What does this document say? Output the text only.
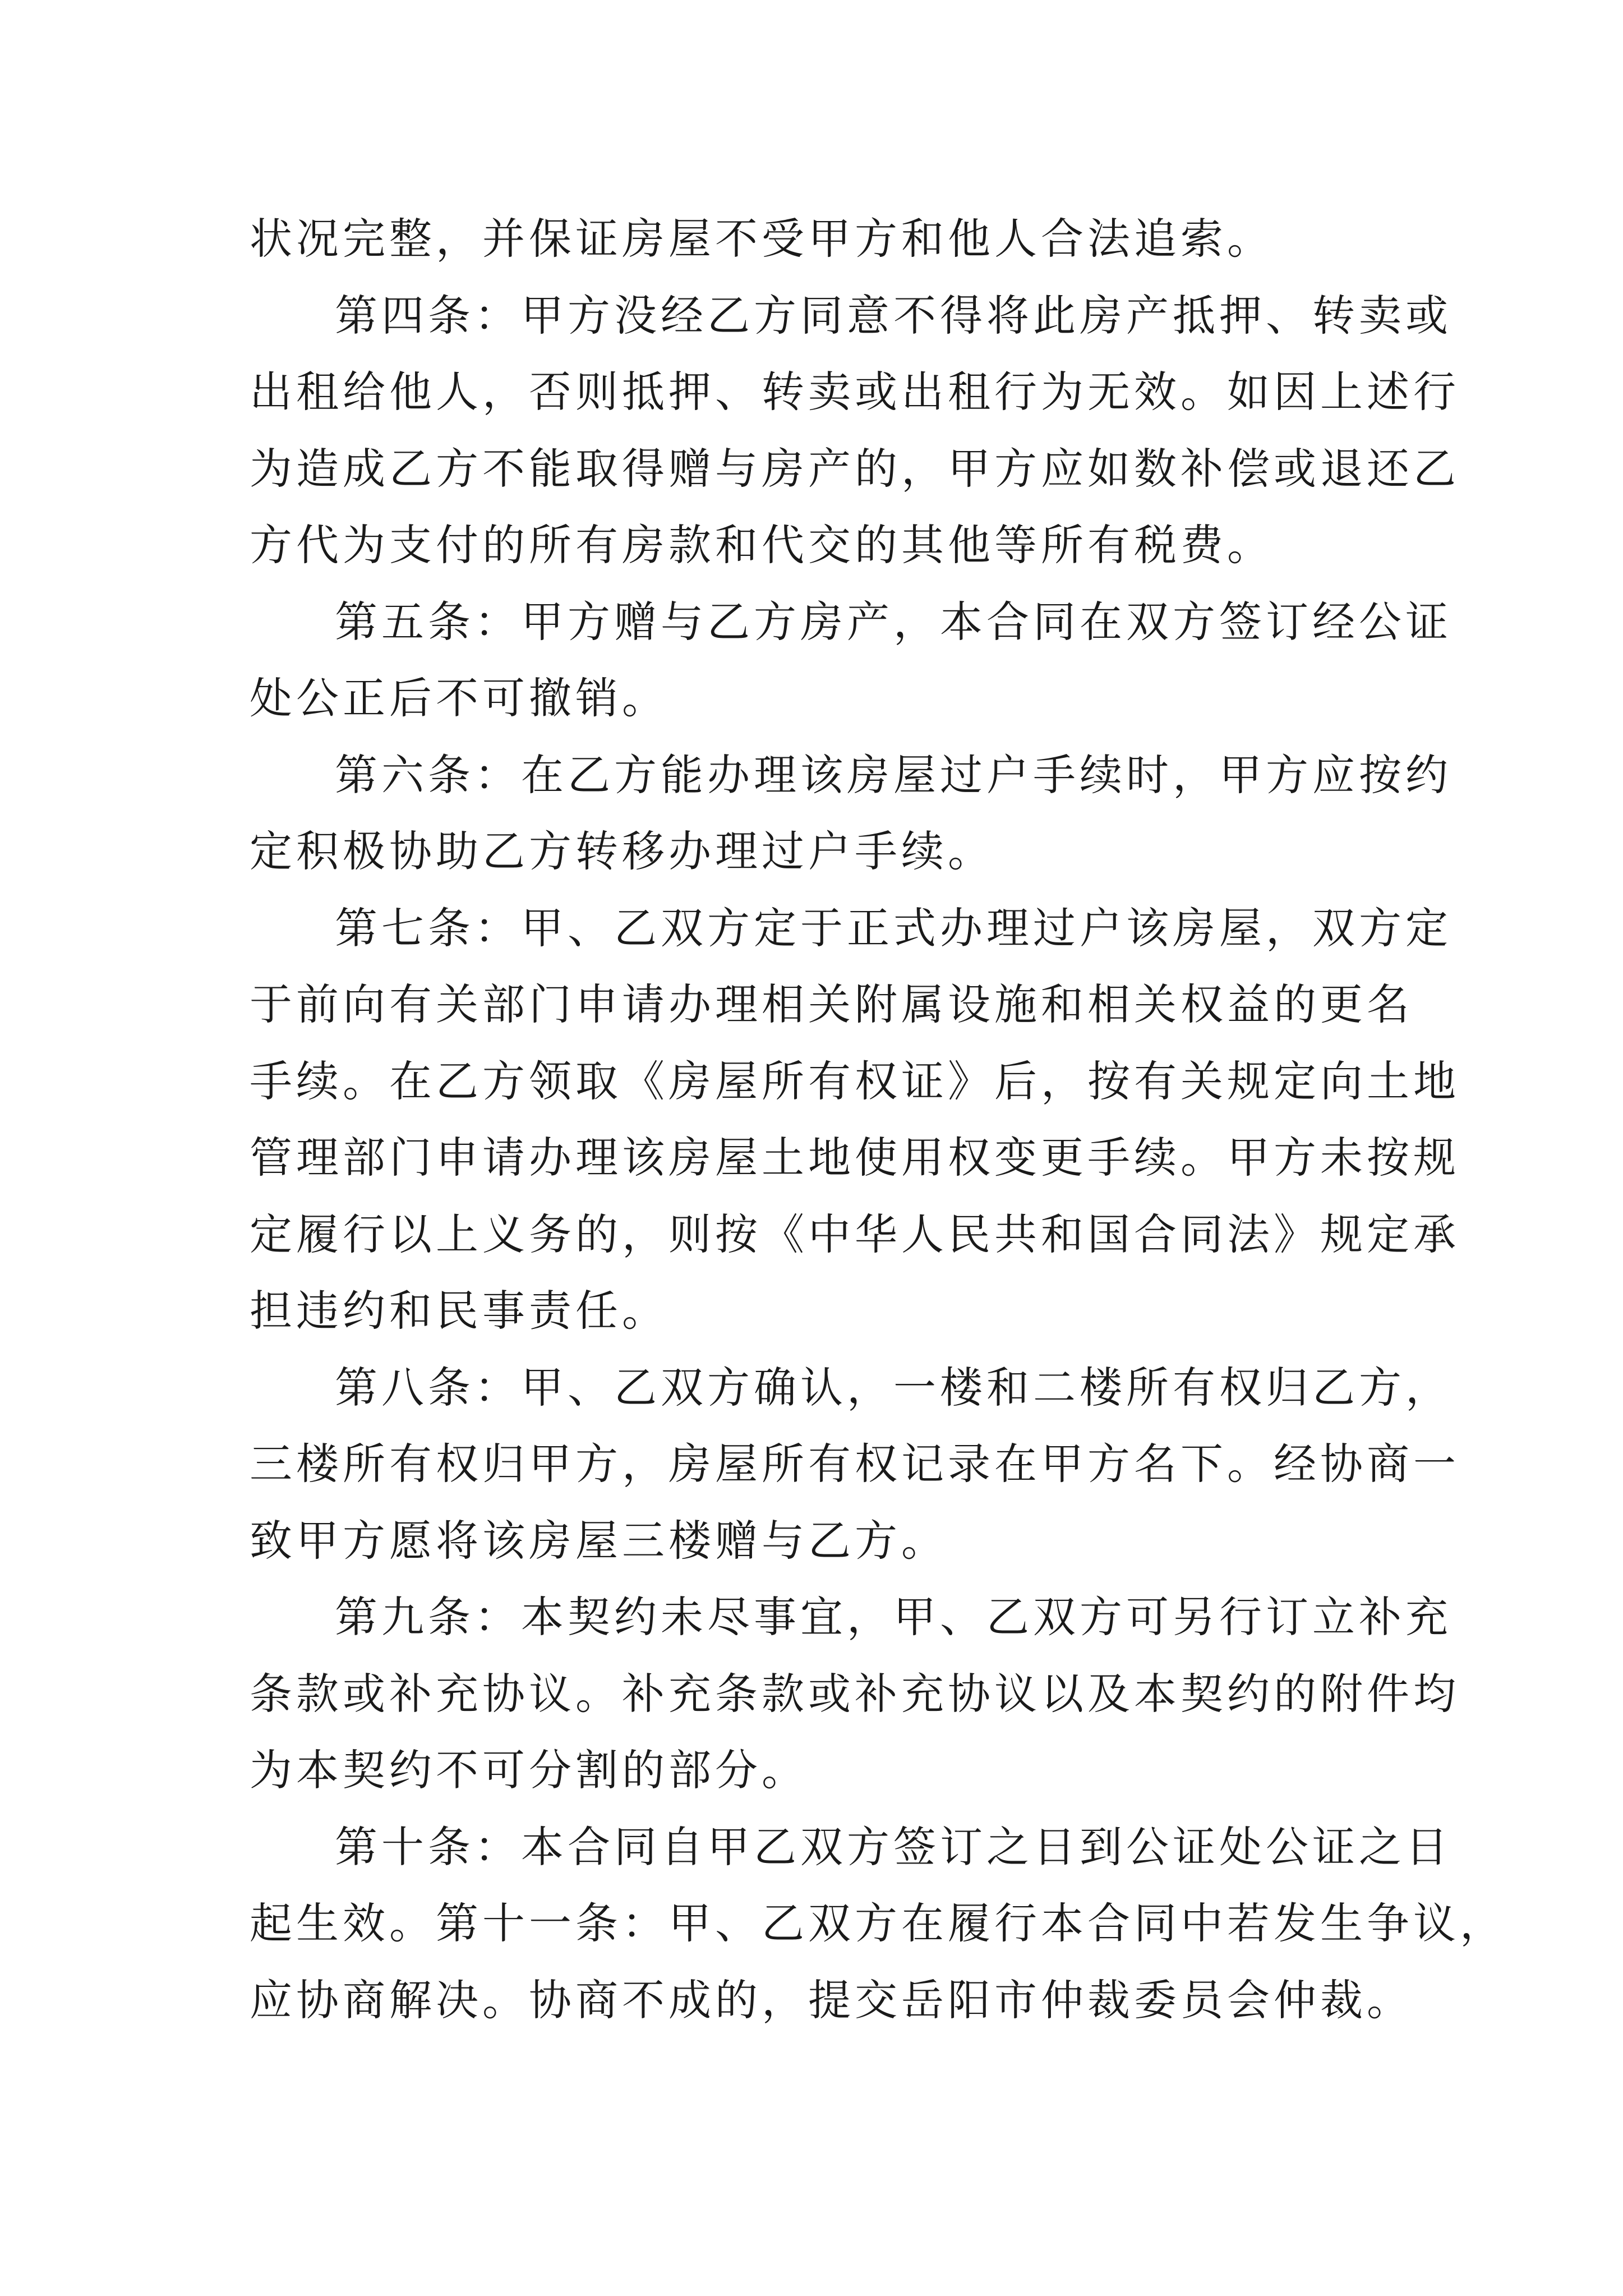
状况完整，并保证房屋不受甲方和他人合法追索。
第四条：甲方没经乙方同意不得将此房产抵押、转卖或
出租给他人，否则抵押、转卖或出租行为无效。如因上述行
为造成乙方不能取得赠与房产的，甲方应如数补偿或退还乙
方代为支付的所有房款和代交的其他等所有税费。
第五条：甲方赠与乙方房产，本合同在双方签订经公证
处公正后不可撤销。
第六条：在乙方能办理该房屋过户手续时，甲方应按约
定积极协助乙方转移办理过户手续。
第七条：甲、乙双方定于正式办理过户该房屋，双方定
于前向有关部门申请办理相关附属设施和相关权益的更名
手续。在乙方领取《房屋所有权证》后，按有关规定向土地
管理部门申请办理该房屋土地使用权变更手续。甲方未按规
定履行以上义务的，则按《中华人民共和国合同法》规定承
担违约和民事责任。
第八条：甲、乙双方确认，一楼和二楼所有权归乙方，
三楼所有权归甲方，房屋所有权记录在甲方名下。经协商一
致甲方愿将该房屋三楼赠与乙方。
第九条：本契约未尽事宜，甲、乙双方可另行订立补充
条款或补充协议。补充条款或补充协议以及本契约的附件均
为本契约不可分割的部分。
第十条：本合同自甲乙双方签订之日到公证处公证之日
起生效。第十一条：甲、乙双方在履行本合同中若发生争议，
应协商解决。协商不成的，提交岳阳市仲裁委员会仲裁。
